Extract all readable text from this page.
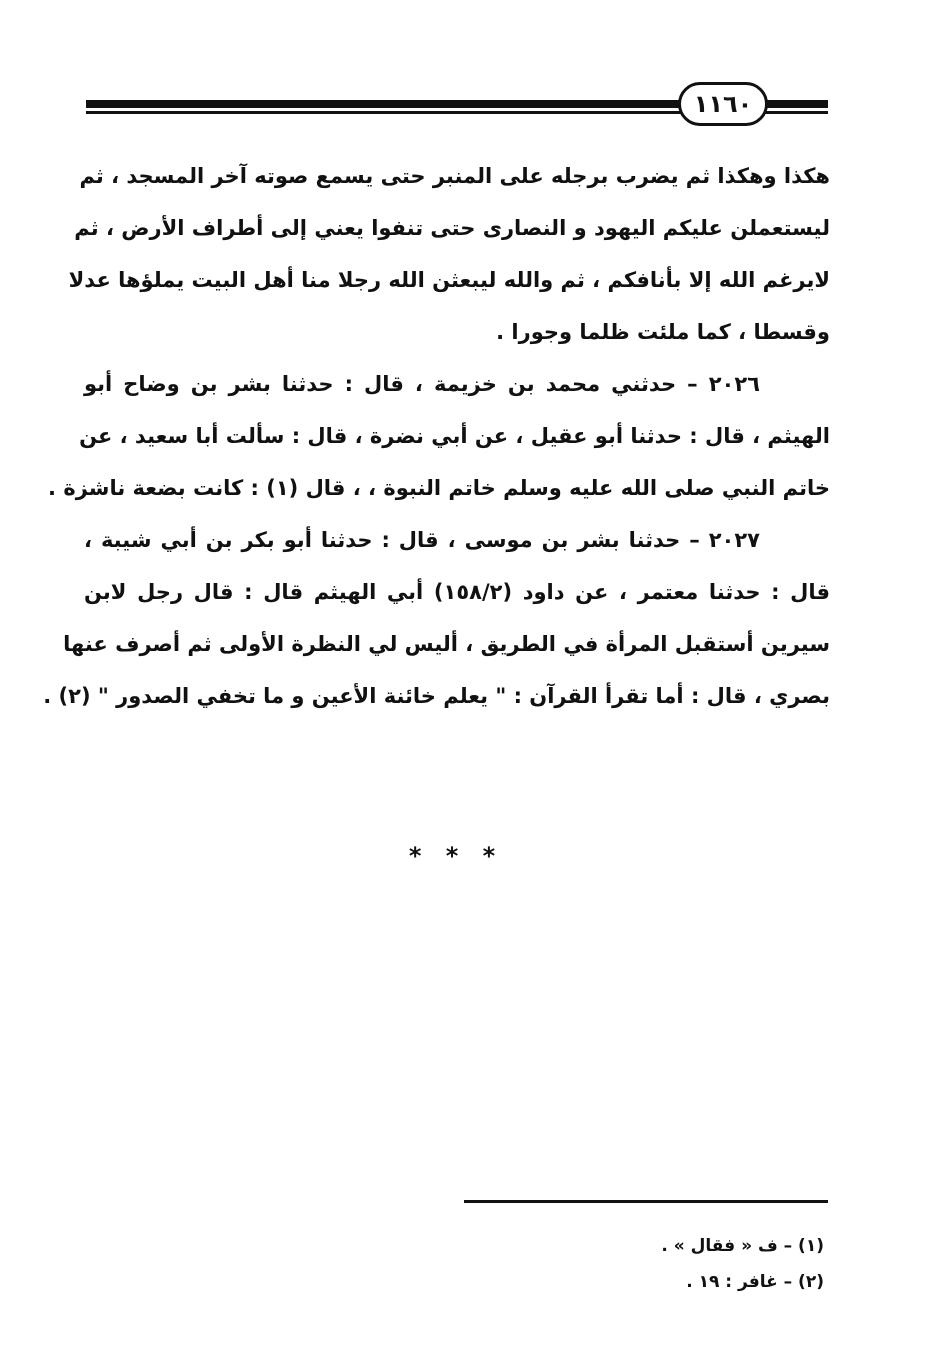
١١٦٠
هكذا وهكذا ثم يضرب برجله على المنبر حتى يسمع صوته آخر المسجد ، ثم
ليستعملن عليكم اليهود و النصارى حتى تنفوا يعني إلى أطراف الأرض ، ثم
لايرغم الله إلا بأنافكم ، ثم والله ليبعثن الله رجلا منا أهل البيت يملؤها عدلا
وقسطا ، كما ملئت ظلما وجورا .
٢٠٢٦ – حدثني محمد بن خزيمة ، قال : حدثنا بشر بن وضاح أبو
الهيثم ، قال : حدثنا أبو عقيل ، عن أبي نضرة ، قال : سألت أبا سعيد ، عن
خاتم النبي صلى الله عليه وسلم خاتم النبوة ، ، قال (١) : كانت بضعة ناشزة .
٢٠٢٧ – حدثنا بشر بن موسى ، قال : حدثنا أبو بكر بن أبي شيبة ،
قال : حدثنا معتمر ، عن داود (١٥٨/٢) أبي الهيثم قال : قال رجل لابن
سيرين أستقبل المرأة في الطريق ، أليس لي النظرة الأولى ثم أصرف عنها
بصري ، قال : أما تقرأ القرآن : " يعلم خائنة الأعين و ما تخفي الصدور " (٢) .
* * *
(١) – ف « فقال » .
(٢) – غافر : ١٩ .
